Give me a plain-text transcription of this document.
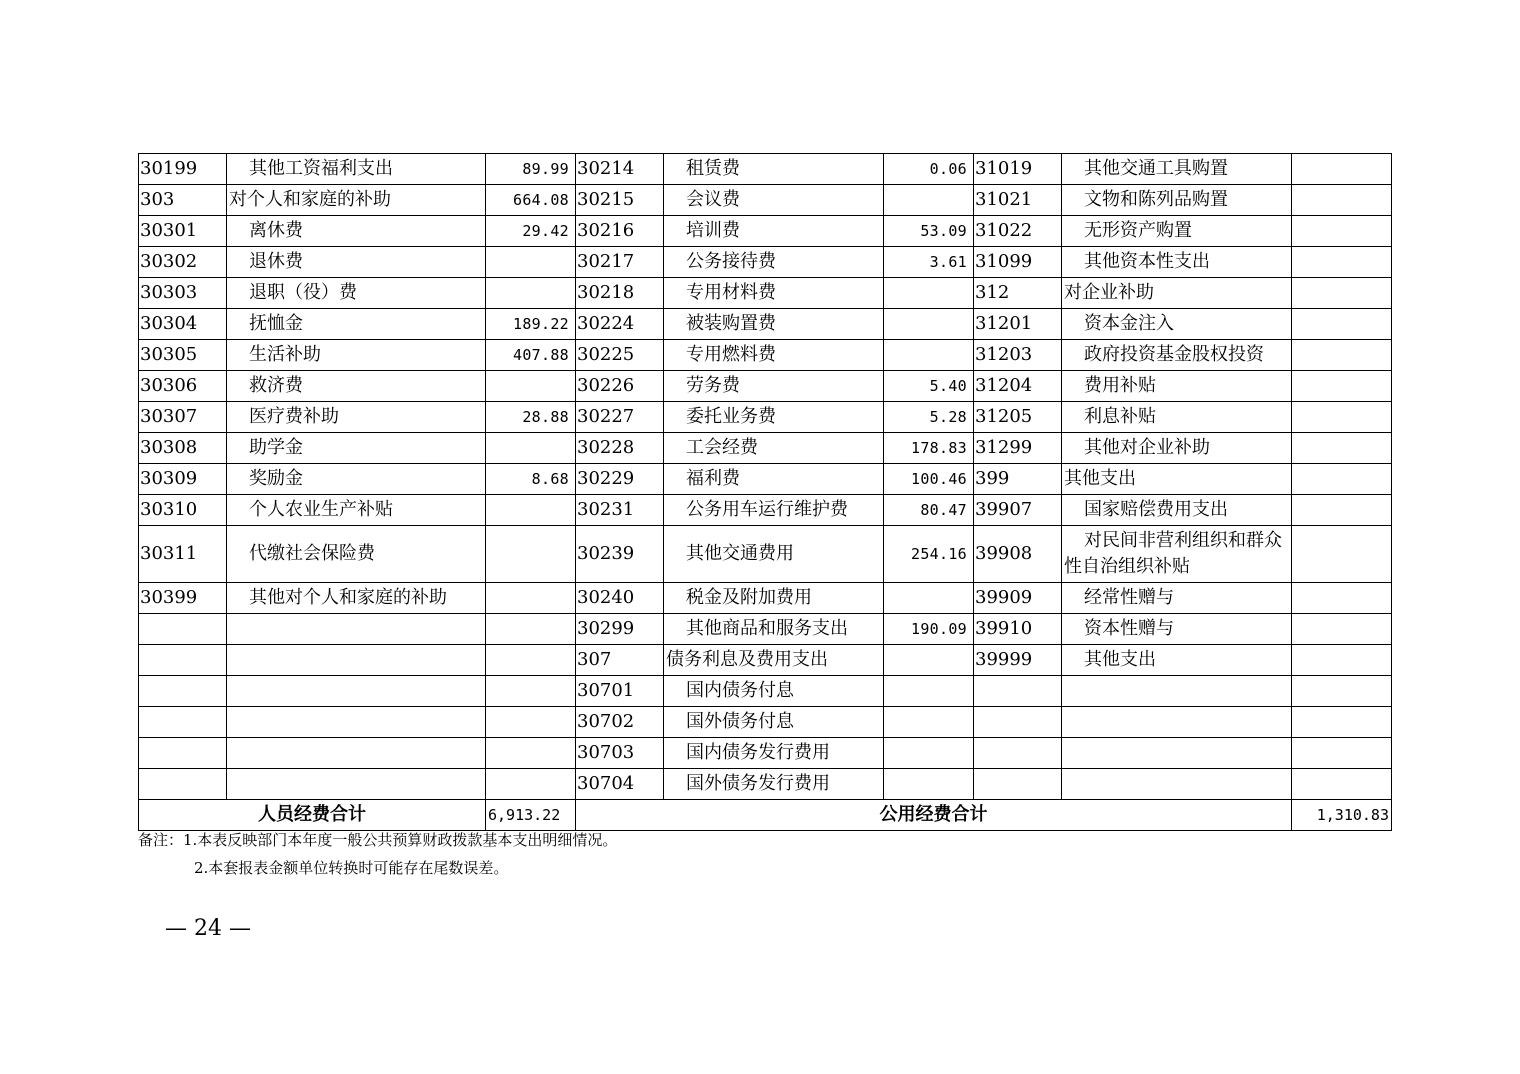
30199	其他工资福利支出	89.99	30214	租赁费	0.06	31019	其他交通工具购置	
303	对个人和家庭的补助	664.08	30215	会议费		31021	文物和陈列品购置	
30301	离休费	29.42	30216	培训费	53.09	31022	无形资产购置	
30302	退休费		30217	公务接待费	3.61	31099	其他资本性支出	
30303	退职（役）费		30218	专用材料费		312	对企业补助	
30304	抚恤金	189.22	30224	被装购置费		31201	资本金注入	
30305	生活补助	407.88	30225	专用燃料费		31203	政府投资基金股权投资	
30306	救济费		30226	劳务费	5.40	31204	费用补贴	
30307	医疗费补助	28.88	30227	委托业务费	5.28	31205	利息补贴	
30308	助学金		30228	工会经费	178.83	31299	其他对企业补助	
30309	奖励金	8.68	30229	福利费	100.46	399	其他支出	
30310	个人农业生产补贴		30231	公务用车运行维护费	80.47	39907	国家赔偿费用支出	
30311	代缴社会保险费		30239	其他交通费用	254.16	39908	对民间非营利组织和群众性自治组织补贴	
30399	其他对个人和家庭的补助		30240	税金及附加费用		39909	经常性赠与	
			30299	其他商品和服务支出	190.09	39910	资本性赠与	
			307	债务利息及费用支出		39999	其他支出	
			30701	国内债务付息				
			30702	国外债务付息				
			30703	国内债务发行费用				
			30704	国外债务发行费用				
人员经费合计		6,913.22	公用经费合计					1,310.83
备注：1.本表反映部门本年度一般公共预算财政拨款基本支出明细情况。
2.本套报表金额单位转换时可能存在尾数误差。
— 24 —
